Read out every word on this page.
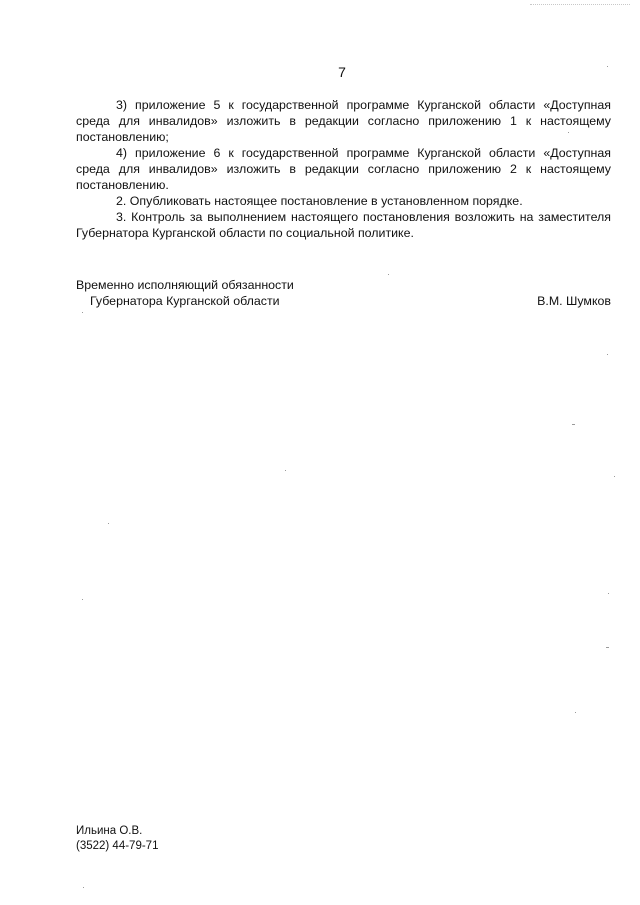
7

3) приложение 5 к государственной программе Курганской области «Доступная среда для инвалидов» изложить в редакции согласно приложению 1 к настоящему постановлению;

4) приложение 6 к государственной программе Курганской области «Доступная среда для инвалидов» изложить в редакции согласно приложению 2 к настоящему постановлению.

2. Опубликовать настоящее постановление в установленном порядке.

3. Контроль за выполнением настоящего постановления возложить на заместителя Губернатора Курганской области по социальной политике.

Временно исполняющий обязанности

Губернатора Курганской области	В.М. Шумков

Ильина О.В.

(3522) 44-79-71
